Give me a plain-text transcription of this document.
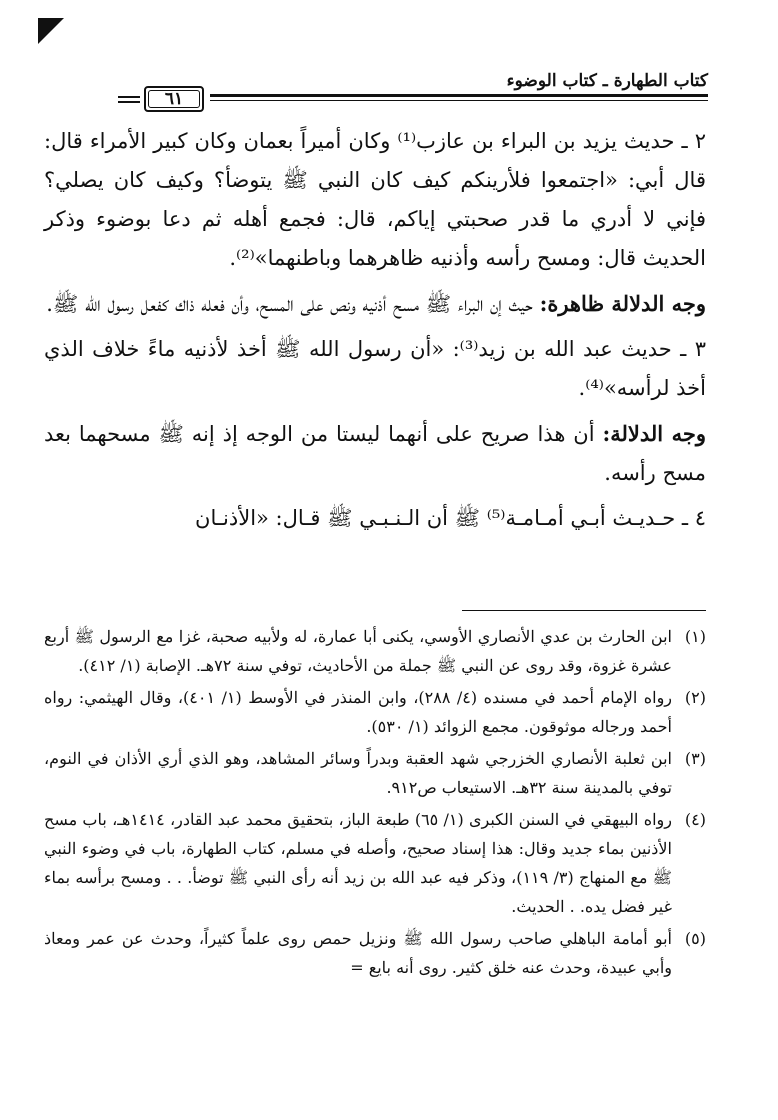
كتاب الطهارة ـ كتاب الوضوء
٦١

٢ ـ حديث يزيد بن البراء بن عازب⁽¹⁾ وكان أميراً بعمان وكان كبير الأمراء قال: قال أبي: «اجتمعوا فلأرينكم كيف كان النبي ﷺ يتوضأ؟ وكيف كان يصلي؟ فإني لا أدري ما قدر صحبتي إياكم، قال: فجمع أهله ثم دعا بوضوء وذكر الحديث قال: ومسح رأسه وأذنيه ظاهرهما وباطنهما»⁽²⁾.

وجه الدلالة ظاهرة: حيث إن البراء ﷺ مسح أذنيه ونص على المسح، وأن فعله ذاك كفعل رسول الله ﷺ.

٣ ـ حديث عبد الله بن زيد⁽³⁾: «أن رسول الله ﷺ أخذ لأذنيه ماءً خلاف الذي أخذ لرأسه»⁽⁴⁾.

وجه الدلالة: أن هذا صريح على أنهما ليستا من الوجه إذ إنه ﷺ مسحهما بعد مسح رأسه.

٤ ـ حـديـث أبـي أمـامـة⁽⁵⁾ ﷺ أن الـنـبـي ﷺ قـال: «الأذنـان

(١)
ابن الحارث بن عدي الأنصاري الأوسي، يكنى أبا عمارة، له ولأبيه صحبة، غزا مع الرسول ﷺ أربع عشرة غزوة، وقد روى عن النبي ﷺ جملة من الأحاديث، توفي سنة ٧٢هـ. الإصابة (١/ ٤١٢).
(٢)
رواه الإمام أحمد في مسنده (٤/ ٢٨٨)، وابن المنذر في الأوسط (١/ ٤٠١)، وقال الهيثمي: رواه أحمد ورجاله موثوقون. مجمع الزوائد (١/ ٥٣٠).
(٣)
ابن ثعلبة الأنصاري الخزرجي شهد العقبة وبدراً وسائر المشاهد، وهو الذي أري الأذان في النوم، توفي بالمدينة سنة ٣٢هـ. الاستيعاب ص٩١٢.
(٤)
رواه البيهقي في السنن الكبرى (١/ ٦٥) طبعة الباز، بتحقيق محمد عبد القادر، ١٤١٤هـ، باب مسح الأذنين بماء جديد وقال: هذا إسناد صحيح، وأصله في مسلم، كتاب الطهارة، باب في وضوء النبي ﷺ مع المنهاج (٣/ ١١٩)، وذكر فيه عبد الله بن زيد أنه رأى النبي ﷺ توضأ. . . ومسح برأسه بماء غير فضل يده. . الحديث.
(٥)
أبو أمامة الباهلي صاحب رسول الله ﷺ ونزيل حمص روى علماً كثيراً، وحدث عن عمر ومعاذ وأبي عبيدة، وحدث عنه خلق كثير. روى أنه بايع =
